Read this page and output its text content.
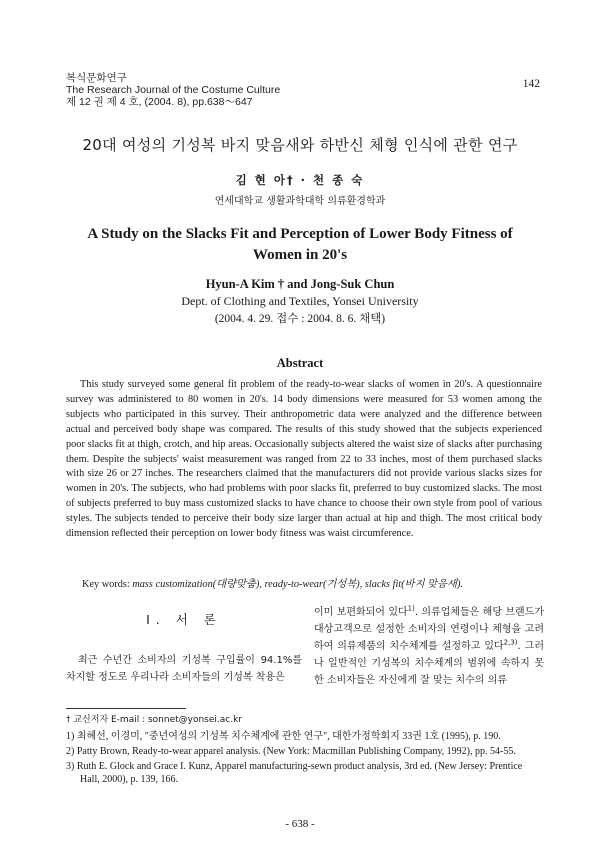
복식문화연구
The Research Journal of the Costume Culture
제 12 권 제 4 호, (2004. 8), pp.638～647
142
20대 여성의 기성복 바지 맞음새와 하반신 체형 인식에 관한 연구
김 현 아† · 천 종 숙
연세대학교 생활과학대학 의류환경학과
A Study on the Slacks Fit and Perception of Lower Body Fitness of Women in 20's
Hyun-A Kim † and Jong-Suk Chun
Dept. of Clothing and Textiles, Yonsei University
(2004. 4. 29. 접수 : 2004. 8. 6. 채택)
Abstract
This study surveyed some general fit problem of the ready-to-wear slacks of women in 20's. A questionnaire survey was administered to 80 women in 20's. 14 body dimensions were measured for 53 women among the subjects who participated in this survey. Their anthropometric data were analyzed and the difference between actual and perceived body shape was compared. The results of this study showed that the subjects experienced poor slacks fit at thigh, crotch, and hip areas. Occasionally subjects altered the waist size of slacks after purchasing them. Despite the subjects' waist measurement was ranged from 22 to 33 inches, most of them purchased slacks with size 26 or 27 inches. The researchers claimed that the manufacturers did not provide various slacks sizes for women in 20's. The subjects, who had problems with poor slacks fit, preferred to buy customized slacks. The most of subjects preferred to buy mass customized slacks to have chance to choose their own style from pool of various styles. The subjects tended to perceive their body size larger than actual at hip and thigh. The most critical body dimension reflected their perception on lower body fitness was waist circumference.
Key words: mass customization(대량맞춤), ready-to-wear(기성복), slacks fit(바지 맞음새).
I. 서 론
최근 수년간 소비자의 기성복 구입률이 94.1%를 차지할 정도로 우리나라 소비자들의 기성복 착용은
이미 보편화되어 있다$^{1)}$. 의류업체들은 해당 브랜드가 대상고객으로 설정한 소비자의 연령이나 체형을 고려하여 의류제품의 치수체계를 설정하고 있다$^{2,3)}$. 그러나 일반적인 기성복의 치수체계의 범위에 속하지 못한 소비자들은 자신에게 잘 맞는 치수의 의류
† 교신저자 E-mail : sonnet@yonsei.ac.kr
1) 최혜선, 이경미, "중년여성의 기성복 치수체계에 관한 연구", 대한가정학회지 33권 1호 (1995), p. 190.
2) Patty Brown, Ready-to-wear apparel analysis. (New York: Macmillan Publishing Company, 1992), pp. 54-55.
3) Ruth E. Glock and Grace I. Kunz, Apparel manufacturing-sewn product analysis, 3rd ed. (New Jersey: Prentice
Hall, 2000), p. 139, 166.
- 638 -
